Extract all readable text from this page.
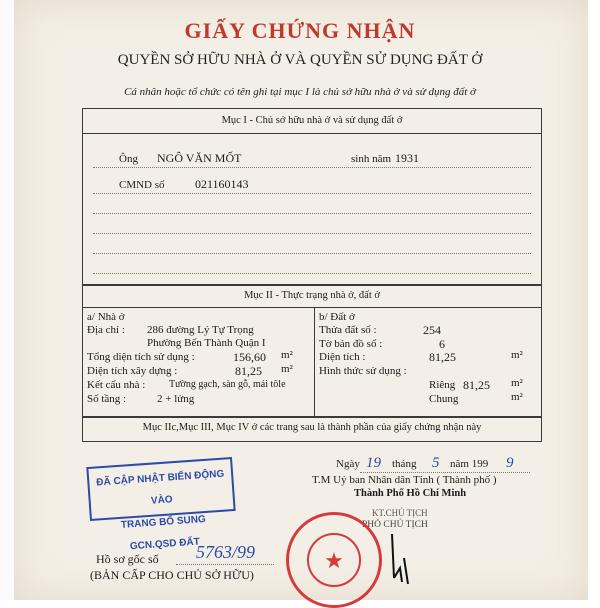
GIẤY CHỨNG NHẬN
QUYỀN SỞ HỮU NHÀ Ở VÀ QUYỀN SỬ DỤNG ĐẤT Ở
Cá nhân hoặc tổ chức có tên ghi tại mục I là chủ sở hữu nhà ở và sử dụng đất ở
Mục I - Chủ sở hữu nhà ở và sử dụng đất ở
Ông NGÔ VĂN MỐT	sinh năm 1931
CMND số	021160143
Mục II - Thực trạng nhà ở, đất ở
a/ Nhà ở
Địa chỉ : 286 đường Lý Tự Trọng
Phường Bến Thành Quận I
Tổng diện tích sử dụng :	156,60 m²
Diện tích xây dựng :	81,25 m²
Kết cấu nhà : Tường gạch, sàn gỗ, mái tôle
Số tầng :	2 + lửng
b/ Đất ở
Thửa đất số :	254
Tờ bản đồ số :	6
Diện tích :	81,25	m²
Hình thức sử dụng :
Riêng 81,25 m²
Chung	m²
Mục IIc,Mục III, Mục IV ở các trang sau là thành phần của giấy chứng nhận này
Ngày 19 tháng 5 năm 199 9
T.M Uỷ ban Nhân dân Tỉnh ( Thành phố )
Thành Phố Hồ Chí Minh
KT.CHỦ TỊCH
PHÓ CHỦ TỊCH
ĐÃ CẬP NHẬT BIẾN ĐỘNG VÀO
TRANG BỔ SUNG GCN.QSD ĐẤT
★
Hồ sơ gốc số 5763/99
(BẢN CẤP CHO CHỦ SỞ HỮU)
